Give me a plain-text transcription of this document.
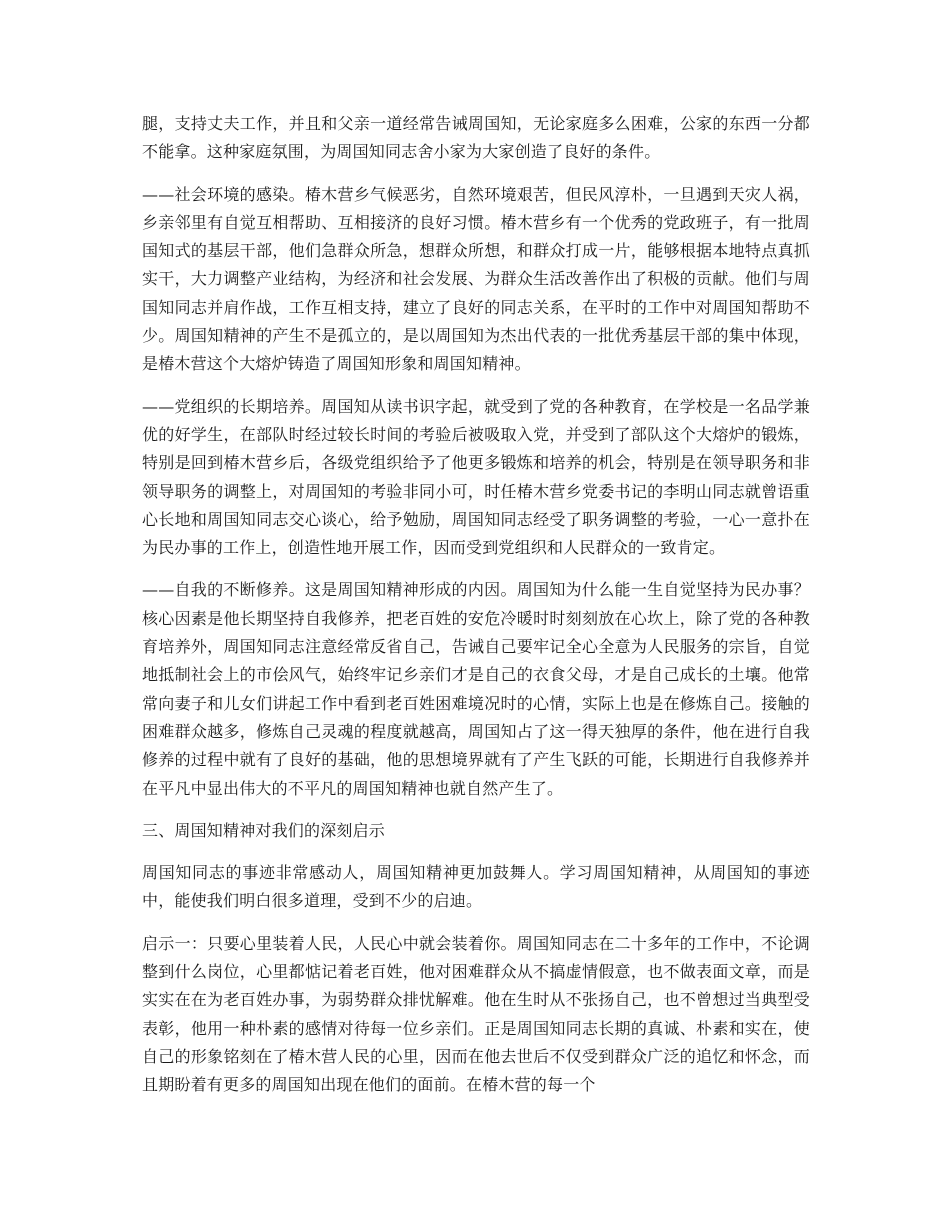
腿，支持丈夫工作，并且和父亲一道经常告诫周国知，无论家庭多么困难，公家的东西一分都不能拿。这种家庭氛围，为周国知同志舍小家为大家创造了良好的条件。

——社会环境的感染。椿木营乡气候恶劣，自然环境艰苦，但民风淳朴，一旦遇到天灾人祸，乡亲邻里有自觉互相帮助、互相接济的良好习惯。椿木营乡有一个优秀的党政班子，有一批周国知式的基层干部，他们急群众所急，想群众所想，和群众打成一片，能够根据本地特点真抓实干，大力调整产业结构，为经济和社会发展、为群众生活改善作出了积极的贡献。他们与周国知同志并肩作战，工作互相支持，建立了良好的同志关系，在平时的工作中对周国知帮助不少。周国知精神的产生不是孤立的，是以周国知为杰出代表的一批优秀基层干部的集中体现，是椿木营这个大熔炉铸造了周国知形象和周国知精神。

——党组织的长期培养。周国知从读书识字起，就受到了党的各种教育，在学校是一名品学兼优的好学生，在部队时经过较长时间的考验后被吸取入党，并受到了部队这个大熔炉的锻炼，特别是回到椿木营乡后，各级党组织给予了他更多锻炼和培养的机会，特别是在领导职务和非领导职务的调整上，对周国知的考验非同小可，时任椿木营乡党委书记的李明山同志就曾语重心长地和周国知同志交心谈心，给予勉励，周国知同志经受了职务调整的考验，一心一意扑在为民办事的工作上，创造性地开展工作，因而受到党组织和人民群众的一致肯定。

——自我的不断修养。这是周国知精神形成的内因。周国知为什么能一生自觉坚持为民办事？核心因素是他长期坚持自我修养，把老百姓的安危冷暖时时刻刻放在心坎上，除了党的各种教育培养外，周国知同志注意经常反省自己，告诫自己要牢记全心全意为人民服务的宗旨，自觉地抵制社会上的市侩风气，始终牢记乡亲们才是自己的衣食父母，才是自己成长的土壤。他常常向妻子和儿女们讲起工作中看到老百姓困难境况时的心情，实际上也是在修炼自己。接触的困难群众越多，修炼自己灵魂的程度就越高，周国知占了这一得天独厚的条件，他在进行自我修养的过程中就有了良好的基础，他的思想境界就有了产生飞跃的可能，长期进行自我修养并在平凡中显出伟大的不平凡的周国知精神也就自然产生了。

三、周国知精神对我们的深刻启示

周国知同志的事迹非常感动人，周国知精神更加鼓舞人。学习周国知精神，从周国知的事迹中，能使我们明白很多道理，受到不少的启迪。

启示一：只要心里装着人民，人民心中就会装着你。周国知同志在二十多年的工作中，不论调整到什么岗位，心里都惦记着老百姓，他对困难群众从不搞虚情假意，也不做表面文章，而是实实在在为老百姓办事，为弱势群众排忧解难。他在生时从不张扬自己，也不曾想过当典型受表彰，他用一种朴素的感情对待每一位乡亲们。正是周国知同志长期的真诚、朴素和实在，使自己的形象铭刻在了椿木营人民的心里，因而在他去世后不仅受到群众广泛的追忆和怀念，而且期盼着有更多的周国知出现在他们的面前。在椿木营的每一个
